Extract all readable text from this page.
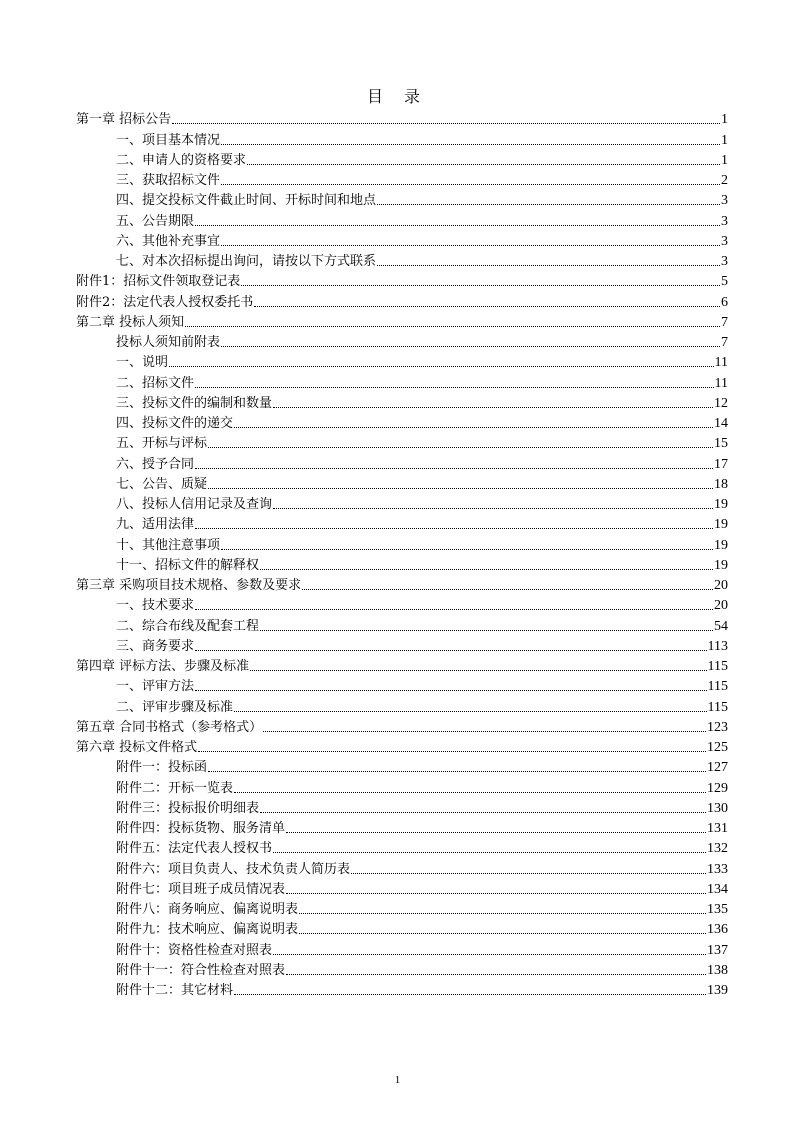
目 录
第一章 招标公告	1
一、项目基本情况	1
二、申请人的资格要求	1
三、获取招标文件	2
四、提交投标文件截止时间、开标时间和地点	3
五、公告期限	3
六、其他补充事宜	3
七、对本次招标提出询问，请按以下方式联系	3
附件1：招标文件领取登记表	5
附件2：法定代表人授权委托书	6
第二章 投标人须知	7
投标人须知前附表	7
一、说明	11
二、招标文件	11
三、投标文件的编制和数量	12
四、投标文件的递交	14
五、开标与评标	15
六、授予合同	17
七、公告、质疑	18
八、投标人信用记录及查询	19
九、适用法律	19
十、其他注意事项	19
十一、招标文件的解释权	19
第三章 采购项目技术规格、参数及要求	20
一、技术要求	20
二、综合布线及配套工程	54
三、商务要求	113
第四章 评标方法、步骤及标准	115
一、评审方法	115
二、评审步骤及标准	115
第五章 合同书格式（参考格式）	123
第六章 投标文件格式	125
附件一：投标函	127
附件二：开标一览表	129
附件三：投标报价明细表	130
附件四：投标货物、服务清单	131
附件五：法定代表人授权书	132
附件六：项目负责人、技术负责人简历表	133
附件七：项目班子成员情况表	134
附件八：商务响应、偏离说明表	135
附件九：技术响应、偏离说明表	136
附件十：资格性检查对照表	137
附件十一：符合性检查对照表	138
附件十二：其它材料	139
1
